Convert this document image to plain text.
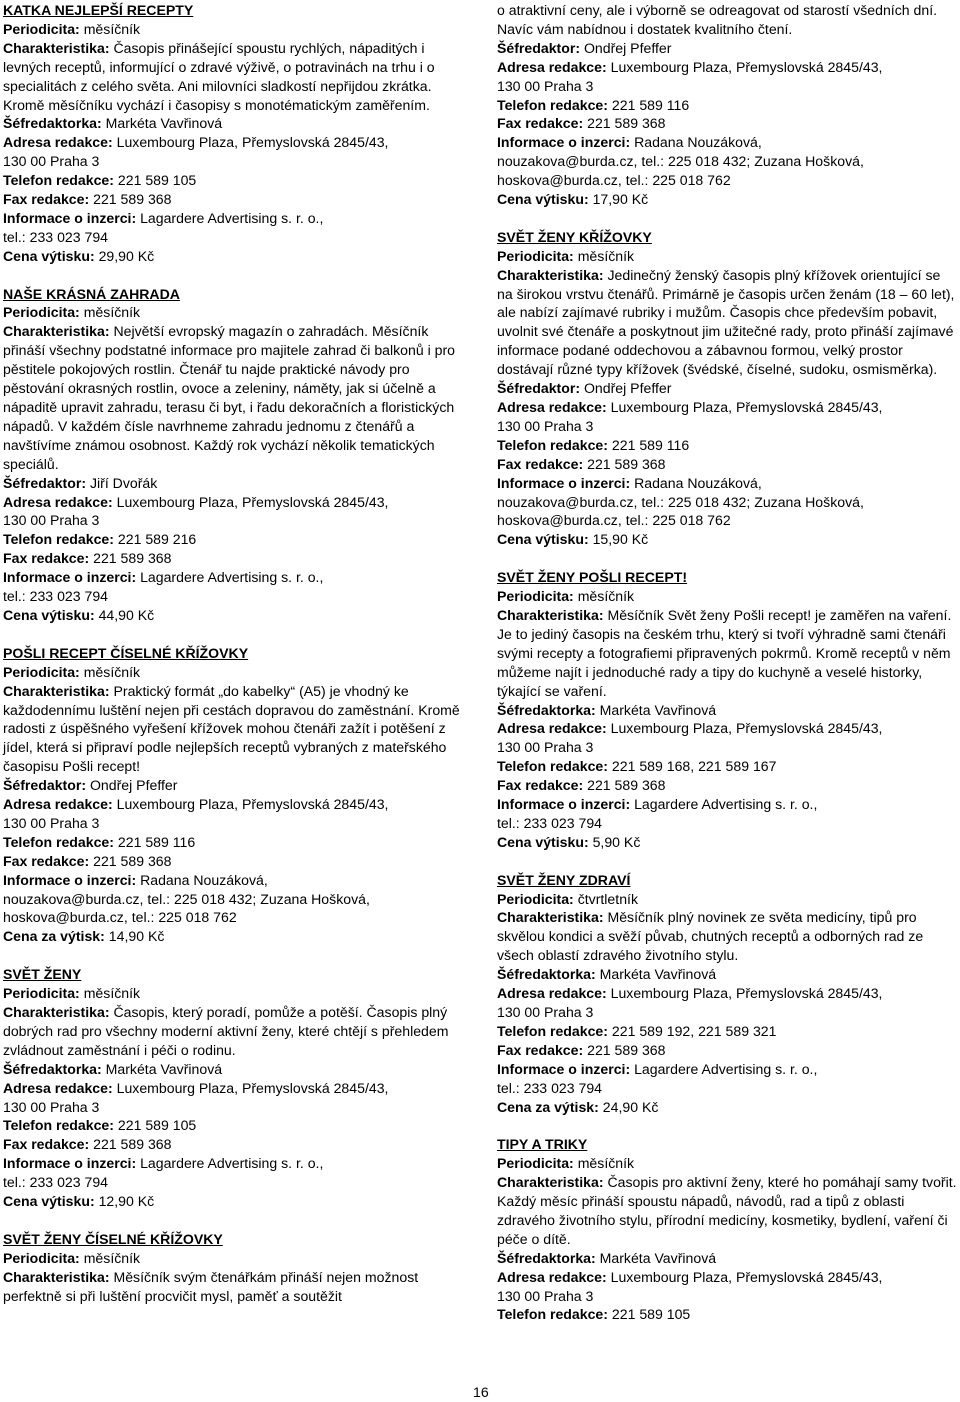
KATKA NEJLEPŠÍ RECEPTY
Periodicita: měsíčník
Charakteristika: Časopis přinášející spoustu rychlých, nápaditých i levných receptů, informující o zdravé výživě, o potravinách na trhu i o specialitách z celého světa. Ani milovníci sladkostí nepřijdou zkrátka. Kromě měsíčníku vychází i časopisy s monotématickým zaměřením.
Šéfredaktorka: Markéta Vavřinová
Adresa redakce: Luxembourg Plaza, Přemyslovská 2845/43,
130 00 Praha 3
Telefon redakce: 221 589 105
Fax redakce: 221 589 368
Informace o inzerci: Lagardere Advertising s. r. o.,
tel.: 233 023 794
Cena výtisku: 29,90 Kč
NAŠE KRÁSNÁ ZAHRADA
Periodicita: měsíčník
Charakteristika: Největší evropský magazín o zahradách. Měsíčník přináší všechny podstatné informace pro majitele zahrad či balkonů i pro pěstitele pokojových rostlin. Čtenář tu najde praktické návody pro pěstování okrasných rostlin, ovoce a zeleniny, náměty, jak si účelně a nápaditě upravit zahradu, terasu či byt, i řadu dekoračních a floristických nápadů. V každém čísle navrhneme zahradu jednomu z čtenářů a navštívíme známou osobnost. Každý rok vychází několik tematických speciálů.
Šéfredaktor: Jiří Dvořák
Adresa redakce: Luxembourg Plaza, Přemyslovská 2845/43,
130 00 Praha 3
Telefon redakce: 221 589 216
Fax redakce: 221 589 368
Informace o inzerci: Lagardere Advertising s. r. o.,
tel.: 233 023 794
Cena výtisku: 44,90 Kč
POŠLI RECEPT ČÍSELNÉ KŘÍŽOVKY
Periodicita: měsíčník
Charakteristika: Praktický formát „do kabelky“ (A5) je vhodný ke každodennímu luštění nejen při cestách dopravou do zaměstnání. Kromě radosti z úspěšného vyřešení křížovek mohou čtenáři zažít i potěšení z jídel, která si připraví podle nejlepších receptů vybraných z mateřského časopisu Pošli recept!
Šéfredaktor: Ondřej Pfeffer
Adresa redakce: Luxembourg Plaza, Přemyslovská 2845/43,
130 00 Praha 3
Telefon redakce: 221 589 116
Fax redakce: 221 589 368
Informace o inzerci: Radana Nouzáková,
nouzakova@burda.cz, tel.: 225 018 432; Zuzana Hošková,
hoskova@burda.cz, tel.: 225 018 762
Cena za výtisk: 14,90 Kč
SVĚT ŽENY
Periodicita: měsíčník
Charakteristika: Časopis, který poradí, pomůže a potěší. Časopis plný dobrých rad pro všechny moderní aktivní ženy, které chtějí s přehledem zvládnout zaměstnání i péči o rodinu.
Šéfredaktorka: Markéta Vavřinová
Adresa redakce: Luxembourg Plaza, Přemyslovská 2845/43,
130 00 Praha 3
Telefon redakce: 221 589 105
Fax redakce: 221 589 368
Informace o inzerci: Lagardere Advertising s. r. o.,
tel.: 233 023 794
Cena výtisku: 12,90 Kč
SVĚT ŽENY ČÍSELNÉ KŘÍŽOVKY
Periodicita: měsíčník
Charakteristika: Měsíčník svým čtenářkám přináší nejen možnost perfektně si při luštění procvičit mysl, paměť a soutěžit
o atraktivní ceny, ale i výborně se odreagovat od starostí všedních dní. Navíc vám nabídnou i dostatek kvalitního čtení.
Šéfredaktor: Ondřej Pfeffer
Adresa redakce: Luxembourg Plaza, Přemyslovská 2845/43,
130 00 Praha 3
Telefon redakce: 221 589 116
Fax redakce: 221 589 368
Informace o inzerci: Radana Nouzáková,
nouzakova@burda.cz, tel.: 225 018 432; Zuzana Hošková,
hoskova@burda.cz, tel.: 225 018 762
Cena výtisku: 17,90 Kč
SVĚT ŽENY KŘÍŽOVKY
Periodicita: měsíčník
Charakteristika: Jedinečný ženský časopis plný křížovek orientující se na širokou vrstvu čtenářů. Primárně je časopis určen ženám (18 – 60 let), ale nabízí zajímavé rubriky i mužům. Časopis chce především pobavit, uvolnit své čtenáře a poskytnout jim užitečné rady, proto přináší zajímavé informace podané oddechovou a zábavnou formou, velký prostor dostávají různé typy křížovek (švédské, číselné, sudoku, osmisměrka).
Šéfredaktor: Ondřej Pfeffer
Adresa redakce: Luxembourg Plaza, Přemyslovská 2845/43,
130 00 Praha 3
Telefon redakce: 221 589 116
Fax redakce: 221 589 368
Informace o inzerci: Radana Nouzáková,
nouzakova@burda.cz, tel.: 225 018 432; Zuzana Hošková,
hoskova@burda.cz, tel.: 225 018 762
Cena výtisku: 15,90 Kč
SVĚT ŽENY POŠLI RECEPT!
Periodicita: měsíčník
Charakteristika: Měsíčník Svět ženy Pošli recept! je zaměřen na vaření. Je to jediný časopis na českém trhu, který si tvoří výhradně sami čtenáři svými recepty a fotografiemi připravených pokrmů. Kromě receptů v něm můžeme najít i jednoduché rady a tipy do kuchyně a veselé historky, týkající se vaření.
Šéfredaktorka: Markéta Vavřinová
Adresa redakce: Luxembourg Plaza, Přemyslovská 2845/43,
130 00 Praha 3
Telefon redakce: 221 589 168, 221 589 167
Fax redakce: 221 589 368
Informace o inzerci: Lagardere Advertising s. r. o.,
tel.: 233 023 794
Cena výtisku: 5,90 Kč
SVĚT ŽENY ZDRAVÍ
Periodicita: čtvrtletník
Charakteristika: Měsíčník plný novinek ze světa medicíny, tipů pro skvělou kondici a svěží půvab, chutných receptů a odborných rad ze všech oblastí zdravého životního stylu.
Šéfredaktorka: Markéta Vavřinová
Adresa redakce: Luxembourg Plaza, Přemyslovská 2845/43,
130 00 Praha 3
Telefon redakce: 221 589 192, 221 589 321
Fax redakce: 221 589 368
Informace o inzerci: Lagardere Advertising s. r. o.,
tel.: 233 023 794
Cena za výtisk: 24,90 Kč
TIPY A TRIKY
Periodicita: měsíčník
Charakteristika: Časopis pro aktivní ženy, které ho pomáhají samy tvořit. Každý měsíc přináší spoustu nápadů, návodů, rad a tipů z oblasti zdravého životního stylu, přírodní medicíny, kosmetiky, bydlení, vaření či péče o dítě.
Šéfredaktorka: Markéta Vavřinová
Adresa redakce: Luxembourg Plaza, Přemyslovská 2845/43,
130 00 Praha 3
Telefon redakce: 221 589 105
16
